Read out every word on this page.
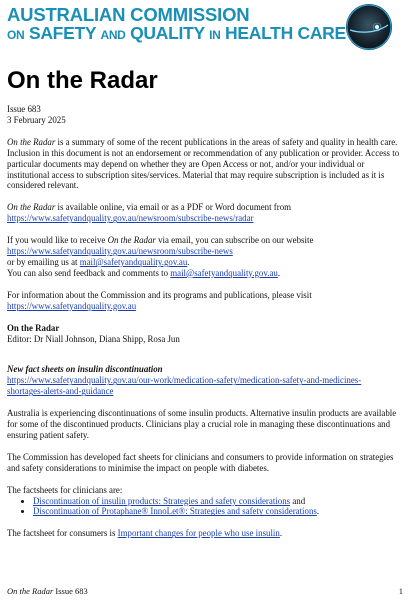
AUSTRALIAN COMMISSION
ON SAFETY AND QUALITY IN HEALTH CARE
On the Radar

Issue 683

3 February 2025

On the Radar is a summary of some of the recent publications in the areas of safety and quality in health care. Inclusion in this document is not an endorsement or recommendation of any publication or provider. Access to particular documents may depend on whether they are Open Access or not, and/or your individual or institutional access to subscription sites/services. Material that may require subscription is included as it is considered relevant.

On the Radar is available online, via email or as a PDF or Word document from
https://www.safetyandquality.gov.au/newsroom/subscribe-news/radar

If you would like to receive On the Radar via email, you can subscribe on our website
https://www.safetyandquality.gov.au/newsroom/subscribe-news
or by emailing us at mail@safetyandquality.gov.au.
You can also send feedback and comments to mail@safetyandquality.gov.au.

For information about the Commission and its programs and publications, please visit
https://www.safetyandquality.gov.au

On the Radar

Editor: Dr Niall Johnson, Diana Shipp, Rosa Jun

New fact sheets on insulin discontinuation

https://www.safetyandquality.gov.au/our-work/medication-safety/medication-safety-and-medicines-
shortages-alerts-and-guidance

Australia is experiencing discontinuations of some insulin products. Alternative insulin products are available for some of the discontinued products. Clinicians play a crucial role in managing these discontinuations and ensuring patient safety.

The Commission has developed fact sheets for clinicians and consumers to provide information on strategies and safety considerations to minimise the impact on people with diabetes.

The factsheets for clinicians are:

• Discontinuation of insulin products: Strategies and safety considerations and
• Discontinuation of Protaphane® InnoLet®: Strategies and safety considerations.

The factsheet for consumers is Important changes for people who use insulin.

On the Radar Issue 683	1
